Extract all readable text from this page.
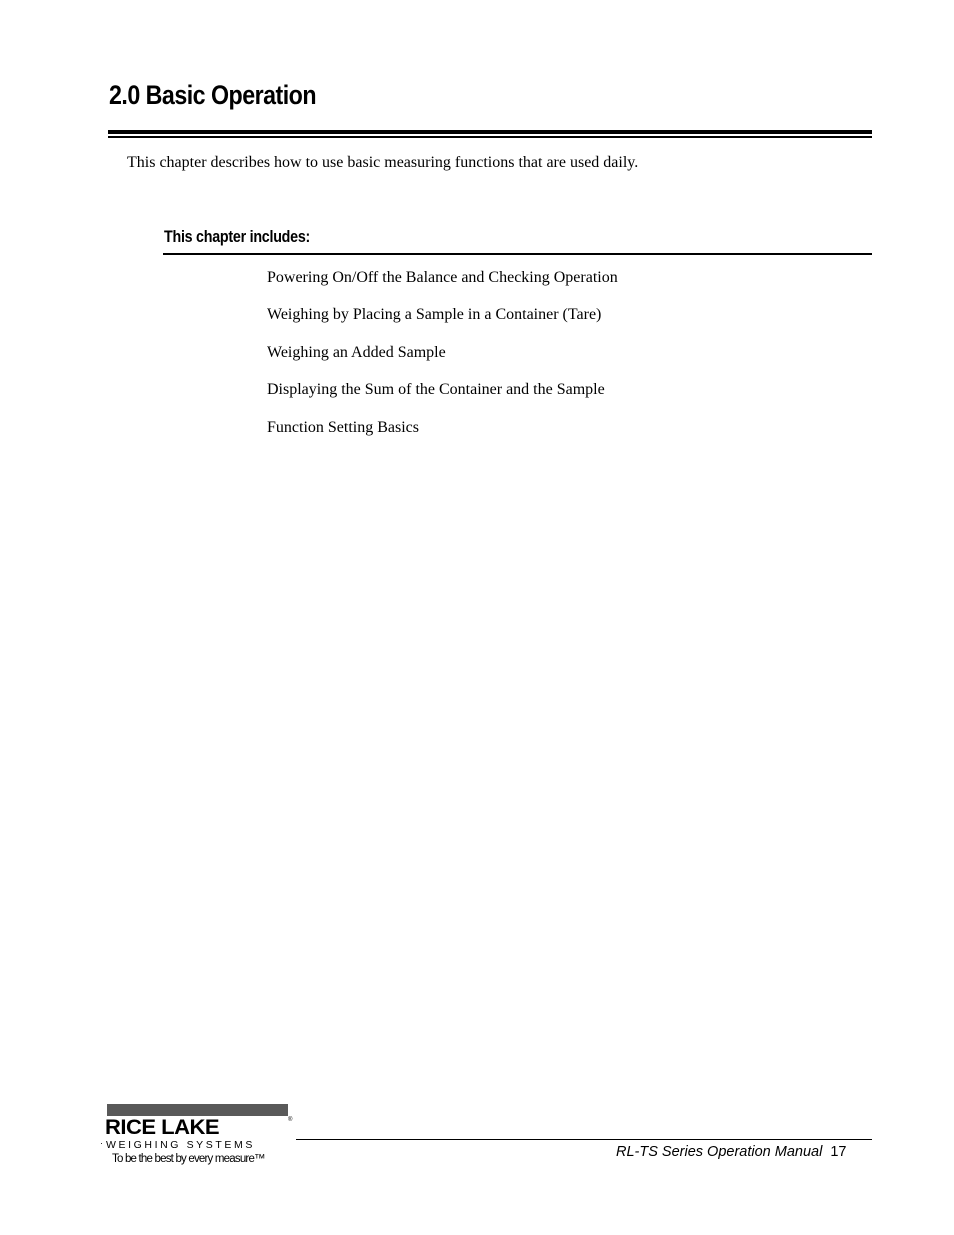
2.0 Basic Operation

This chapter describes how to use basic measuring functions that are used daily.

This chapter includes:
Powering On/Off the Balance and Checking Operation
Weighing by Placing a Sample in a Container (Tare)
Weighing an Added Sample
Displaying the Sum of the Container and the Sample
Function Setting Basics
RICE LAKE	®
· WEIGHING SYSTEMS
To be the best by every measure™	RL-TS Series Operation Manual 17
